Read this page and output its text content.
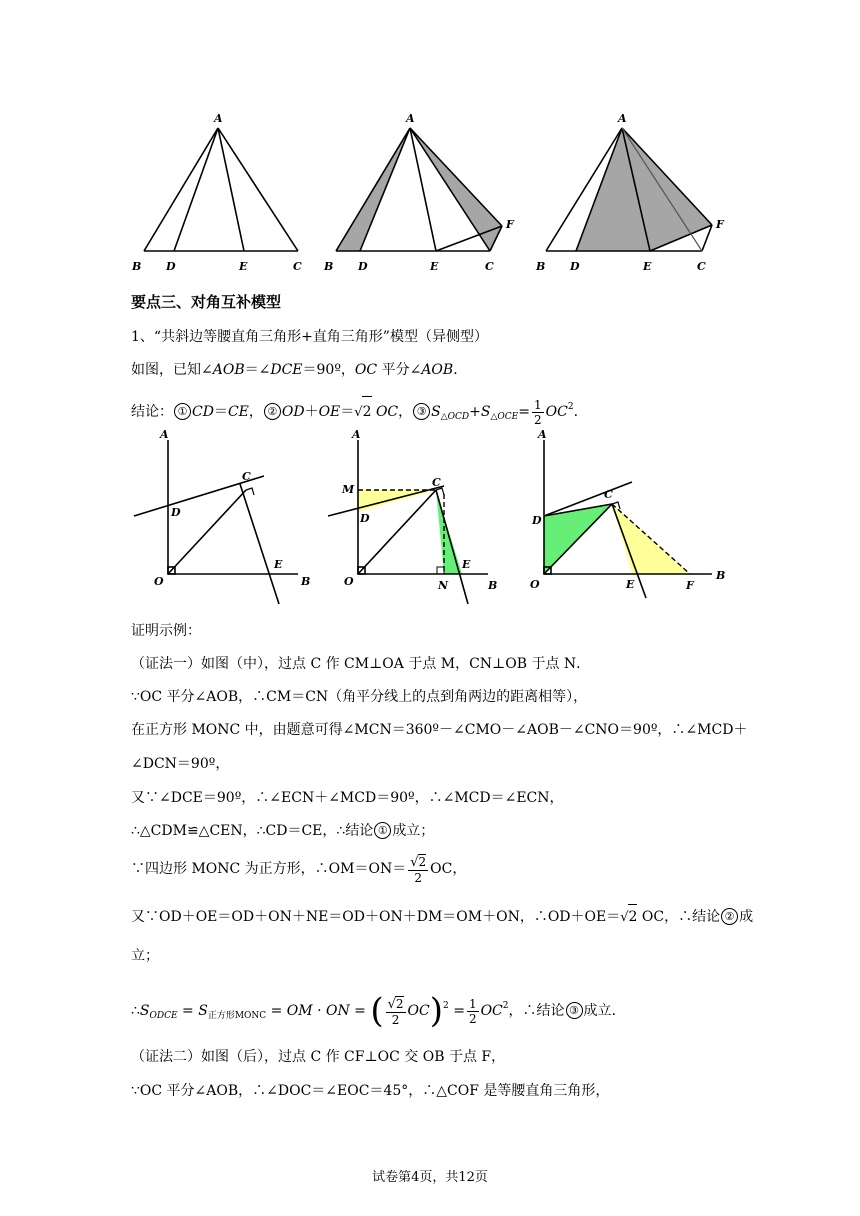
A
B D	E	C
A
F
B D	E	C
A
F
B D	E	C
要点三、对角互补模型
1、“共斜边等腰直角三角形+直角三角形”模型（异侧型）
如图，已知∠AOB＝∠DCE＝90º，OC 平分∠AOB．
结论： ① CD＝CE， ② OD＋OE＝√2 OC， ③ $S_{\triangle OCD}+S_{\triangle OCE}= \frac{1}{2} OC^2$.
A
C
D
O
E
B
A
M
C
D
O	N
E
B
A
C
D
O	E	F
B
证明示例：
（证法一）如图（中），过点 C 作 CM⊥OA 于点 M，CN⊥OB 于点 N．
∵OC 平分∠AOB，∴CM＝CN（角平分线上的点到角两边的距离相等），
在正方形 MONC 中，由题意可得∠MCN＝360º－∠CMO－∠AOB－∠CNO＝90º，∴∠MCD＋
∠DCN＝90º，
又∵∠DCE＝90º，∴∠ECN＋∠MCD＝90º，∴∠MCD＝∠ECN，
∴△CDM≌△CEN，∴CD＝CE，∴结论 ① 成立；
∵四边形 MONC 为正方形，∴OM＝ON＝ $\frac{√2}{2}$ OC，
又∵OD＋OE＝OD＋ON＋NE＝OD＋ON＋DM＝OM＋ON，∴OD＋OE＝√2 OC，∴结论 ② 成
立；
$\therefore S_{ODCE} = S_{正方形MONC}$ = OM · ON = ( $\frac{√2}{2} OC)^2 = \frac{1}{2} OC^2$，∴结论 ③ 成立.
（证法二）如图（后），过点 C 作 CF⊥OC 交 OB 于点 F，
∵OC 平分∠AOB，∴∠DOC＝∠EOC＝45°，∴△COF 是等腰直角三角形，
试卷第4页，共12页
